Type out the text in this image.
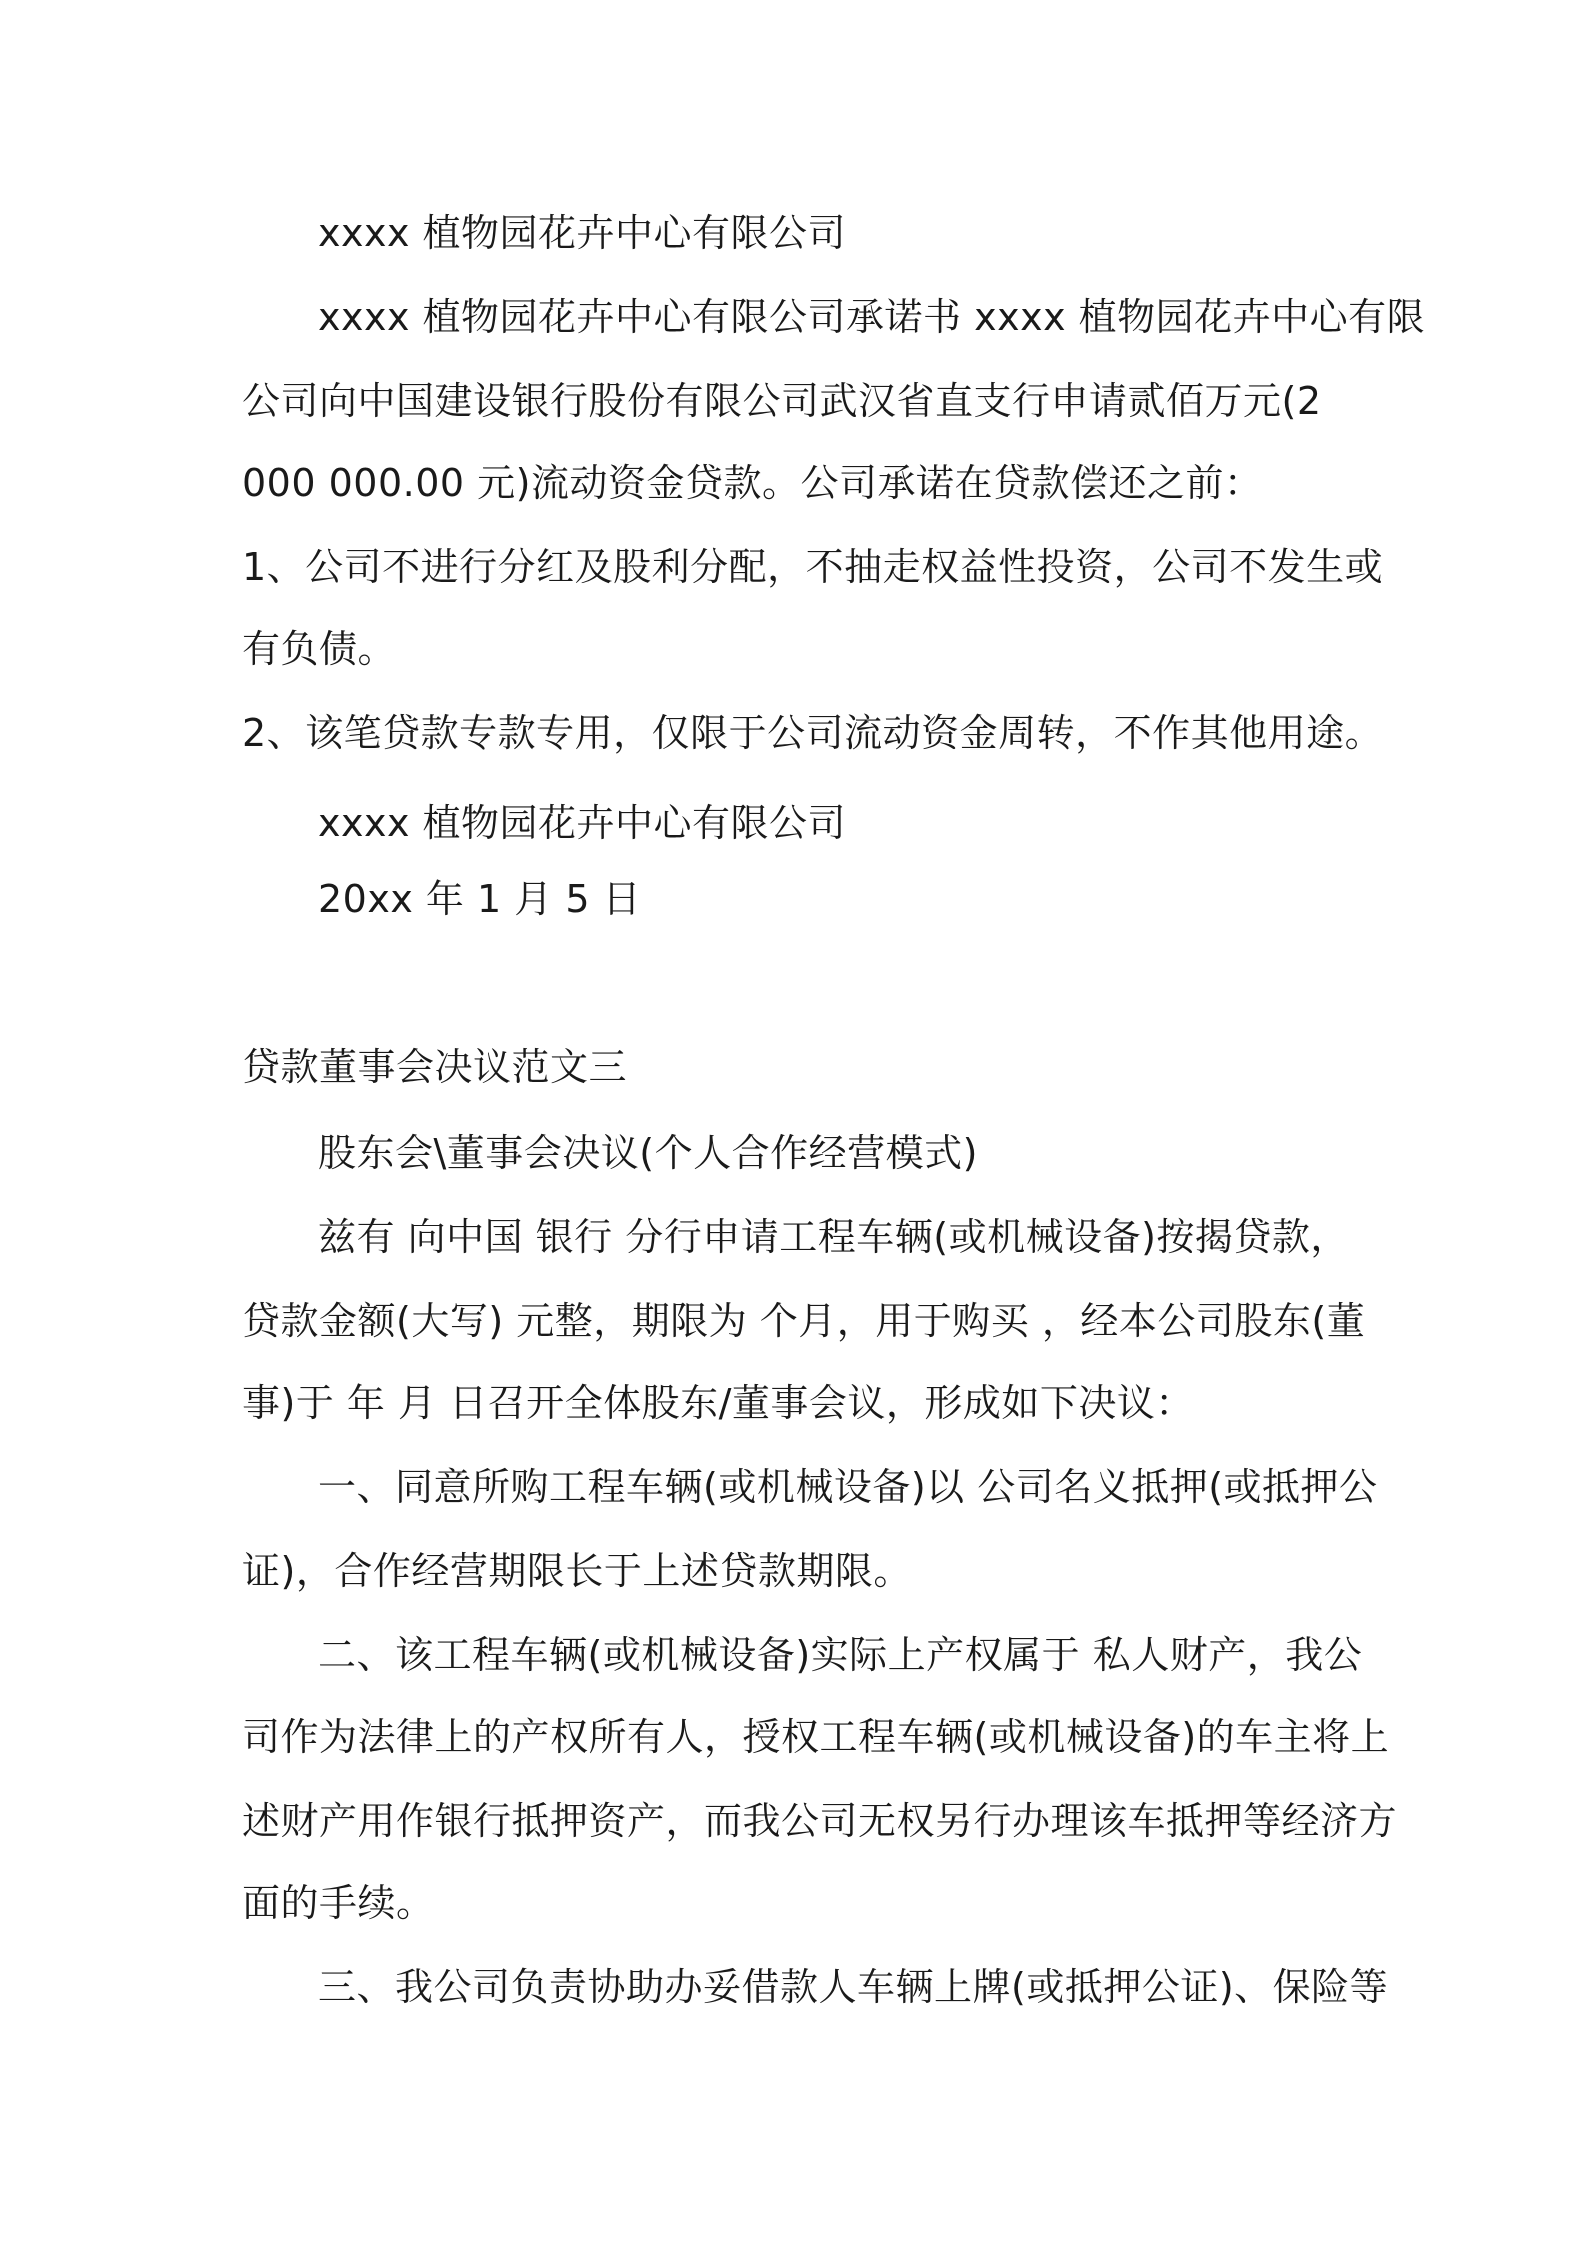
xxxx 植物园花卉中心有限公司
xxxx 植物园花卉中心有限公司承诺书 xxxx 植物园花卉中心有限
公司向中国建设银行股份有限公司武汉省直支行申请贰佰万元(2
000 000.00 元)流动资金贷款。公司承诺在贷款偿还之前：
1、公司不进行分红及股利分配，不抽走权益性投资，公司不发生或
有负债。
2、该笔贷款专款专用，仅限于公司流动资金周转，不作其他用途。
xxxx 植物园花卉中心有限公司
20xx 年 1 月 5 日
贷款董事会决议范文三
股东会\董事会决议(个人合作经营模式)
兹有 向中国 银行 分行申请工程车辆(或机械设备)按揭贷款，
贷款金额(大写) 元整，期限为 个月，用于购买 ，经本公司股东(董
事)于 年 月 日召开全体股东/董事会议，形成如下决议：
一、同意所购工程车辆(或机械设备)以 公司名义抵押(或抵押公
证)，合作经营期限长于上述贷款期限。
二、该工程车辆(或机械设备)实际上产权属于 私人财产，我公
司作为法律上的产权所有人，授权工程车辆(或机械设备)的车主将上
述财产用作银行抵押资产，而我公司无权另行办理该车抵押等经济方
面的手续。
三、我公司负责协助办妥借款人车辆上牌(或抵押公证)、保险等
